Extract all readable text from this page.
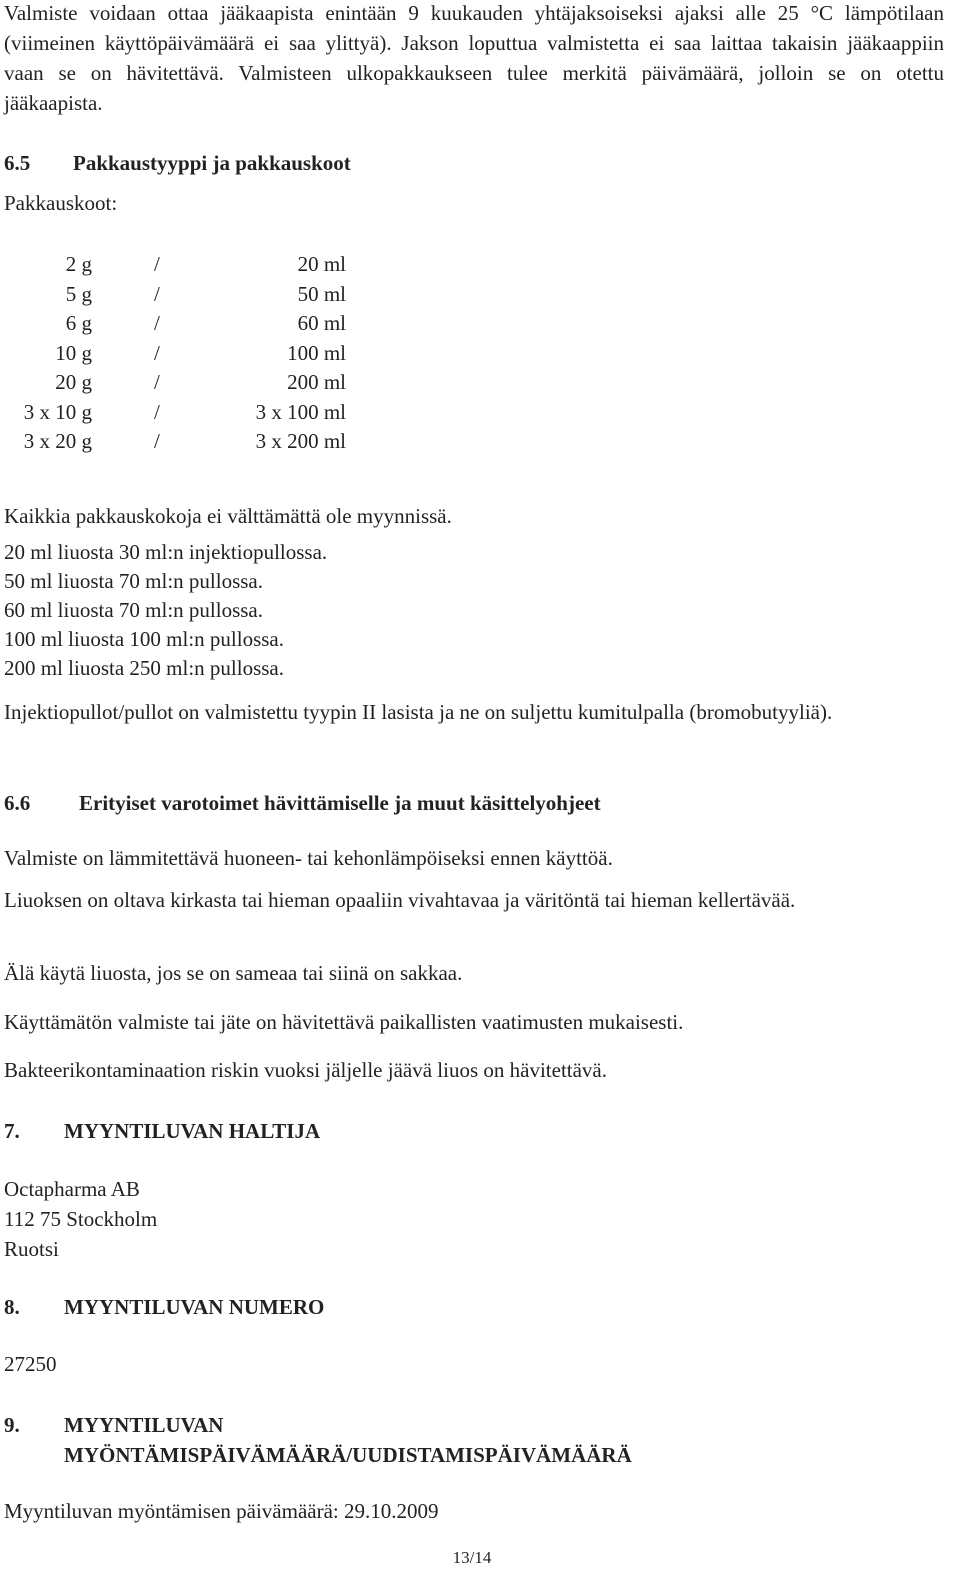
Valmiste voidaan ottaa jääkaapista enintään 9 kuukauden yhtäjaksoiseksi ajaksi alle 25 °C lämpötilaan (viimeinen käyttöpäivämäärä ei saa ylittyä). Jakson loputtua valmistetta ei saa laittaa takaisin jääkaappiin vaan se on hävitettävä. Valmisteen ulkopakkaukseen tulee merkitä päivämäärä, jolloin se on otettu jääkaapista.

6.5 Pakkaustyyppi ja pakkauskoot

Pakkauskoot:

2 g	/	20 ml
5 g	/	50 ml
6 g	/	60 ml
10 g	/	100 ml
20 g	/	200 ml
3 x 10 g	/	3 x 100 ml
3 x 20 g	/	3 x 200 ml

Kaikkia pakkauskokoja ei välttämättä ole myynnissä.

20 ml liuosta 30 ml:n injektiopullossa.
50 ml liuosta 70 ml:n pullossa.
60 ml liuosta 70 ml:n pullossa.
100 ml liuosta 100 ml:n pullossa.
200 ml liuosta 250 ml:n pullossa.

Injektiopullot/pullot on valmistettu tyypin II lasista ja ne on suljettu kumitulpalla (bromobutyyliä).

6.6 Erityiset varotoimet hävittämiselle ja muut käsittelyohjeet

Valmiste on lämmitettävä huoneen- tai kehonlämpöiseksi ennen käyttöä.

Liuoksen on oltava kirkasta tai hieman opaaliin vivahtavaa ja väritöntä tai hieman kellertävää.

Älä käytä liuosta, jos se on sameaa tai siinä on sakkaa.

Käyttämätön valmiste tai jäte on hävitettävä paikallisten vaatimusten mukaisesti.

Bakteerikontaminaation riskin vuoksi jäljelle jäävä liuos on hävitettävä.

7. MYYNTILUVAN HALTIJA
Octapharma AB
112 75 Stockholm
Ruotsi
8. MYYNTILUVAN NUMERO

27250

9. MYYNTILUVAN
MYÖNTÄMISPÄIVÄMÄÄRÄ/UUDISTAMISPÄIVÄMÄÄRÄ

Myyntiluvan myöntämisen päivämäärä: 29.10.2009

13/14
